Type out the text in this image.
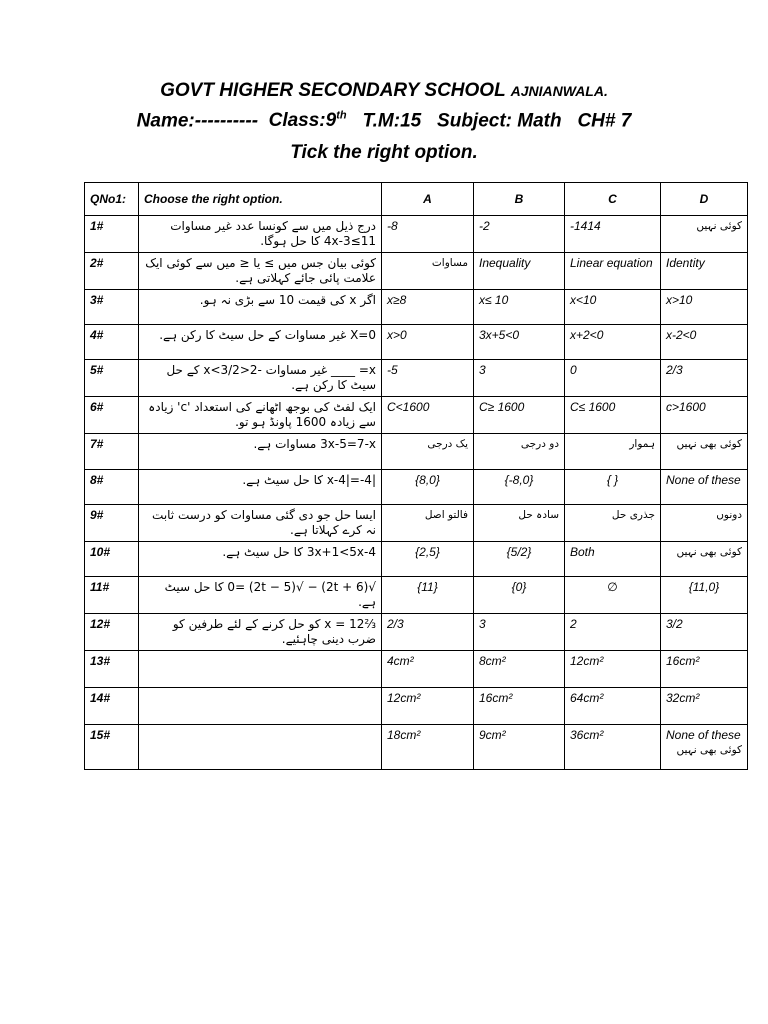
GOVT HIGHER SECONDARY SCHOOL AJNIANWALA.
Name:---------- Class:9th T.M:15 Subject: Math CH# 7
Tick the right option.
QNo1:	Choose the right option.	A	B	C	D
1#	درج ذیل میں سے کونسا عدد غیر مساوات 11≥3-4x کا حل ہوگا.	-8	-2	-1414	کوئی نہیں
2#	کوئی بیان جس میں ≥ یا ≤ میں سے کوئی ایک علامت پائی جائے کہلاتی ہے.	مساوات	Inequality	Linear equation	Identity
3#	اگر x کی قیمت 10 سے بڑی نہ ہو.	x≥8	x≤ 10	x<10	x>10
4#	X=0 غیر مساوات کے حل سیٹ کا رکن ہے.	x>0	3x+5<0	x+2<0	x-2<0
5#	x= ____ غیر مساوات -2<x<3/2 کے حل سیٹ کا رکن ہے.	-5	3	0	2/3
6#	ایک لفٹ کی بوجھ اٹھانے کی استعداد 'c' زیادہ سے زیادہ 1600 پاونڈ ہو تو.	C<1600	C≥ 1600	C≤ 1600	c>1600
7#	3x-5=7-x مساوات ہے.	یک درجی	دو درجی	ہموار	کوئی بھی نہیں
8#	|x-4|=-4 کا حل سیٹ ہے.	{8,0}	{-8,0}	{ }	None of these
9#	ایسا حل جو دی گئی مساوات کو درست ثابت نہ کرے کہلاتا ہے.	فالتو اصل	سادہ حل	جذری حل	دونوں
10#	3x+1<5x-4 کا حل سیٹ ہے.	{2,5}	{5/2}	Both	کوئی بھی نہیں
11#	√(2t + 6) − √(2t − 5) =0 کا حل سیٹ ہے.	{11}	{0}	∅	{11,0}
12#	⅔x = 12 کو حل کرنے کے لئے طرفین کو ضرب دینی چاہئیے.	2/3	3	2	3/2
13#		4cm²	8cm²	12cm²	16cm²
14#		12cm²	16cm²	64cm²	32cm²
15#		18cm²	9cm²	36cm²	None of these
کوئی بھی نہیں
